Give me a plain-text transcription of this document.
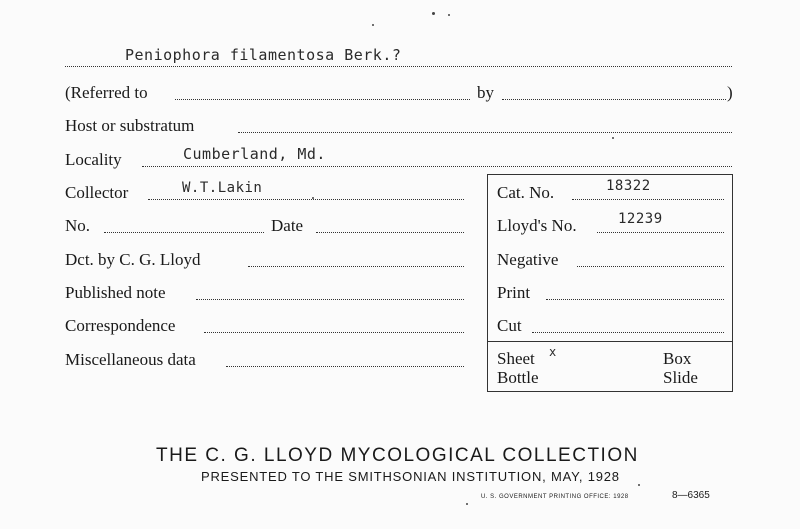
Peniophora filamentosa Berk.?
(Referred to	by	)
Host or substratum
Locality	Cumberland, Md.
Collector	W.T.Lakin	Cat. No.	18322
No.	Date	Lloyd's No.	12239
Dct. by C. G. Lloyd	Negative
Published note	Print
Correspondence	Cut
Miscellaneous data	Sheet x	Box
Bottle	Slide
THE C. G. LLOYD MYCOLOGICAL COLLECTION
PRESENTED TO THE SMITHSONIAN INSTITUTION, MAY, 1928
U. S. GOVERNMENT PRINTING OFFICE: 1928	8—6365
